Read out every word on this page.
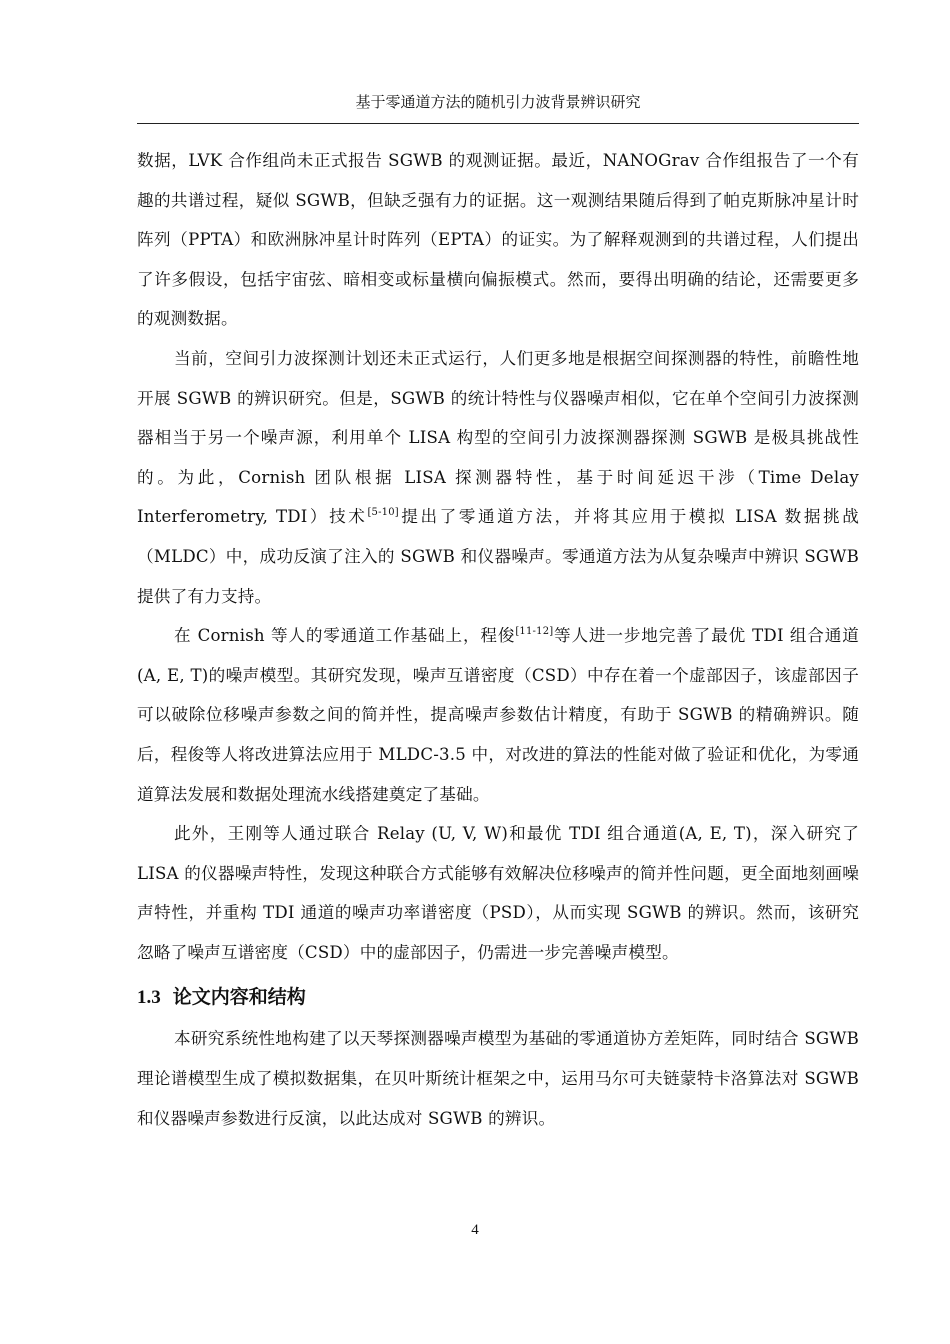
基于零通道方法的随机引力波背景辨识研究

数据，LVK 合作组尚未正式报告 SGWB 的观测证据。最近，NANOGrav 合作组报告了一个有趣的共谱过程，疑似 SGWB，但缺乏强有力的证据。这一观测结果随后得到了帕克斯脉冲星计时阵列（PPTA）和欧洲脉冲星计时阵列（EPTA）的证实。为了解释观测到的共谱过程，人们提出了许多假设，包括宇宙弦、暗相变或标量横向偏振模式。然而，要得出明确的结论，还需要更多的观测数据。

当前，空间引力波探测计划还未正式运行，人们更多地是根据空间探测器的特性，前瞻性地开展 SGWB 的辨识研究。但是，SGWB 的统计特性与仪器噪声相似，它在单个空间引力波探测器相当于另一个噪声源，利用单个 LISA 构型的空间引力波探测器探测 SGWB 是极具挑战性的。为此，Cornish 团队根据 LISA 探测器特性，基于时间延迟干涉（Time Delay Interferometry, TDI）技术[5-10]提出了零通道方法，并将其应用于模拟 LISA 数据挑战（MLDC）中，成功反演了注入的 SGWB 和仪器噪声。零通道方法为从复杂噪声中辨识 SGWB 提供了有力支持。

在 Cornish 等人的零通道工作基础上，程俊[11-12]等人进一步地完善了最优 TDI 组合通道(A, E, T)的噪声模型。其研究发现，噪声互谱密度（CSD）中存在着一个虚部因子，该虚部因子可以破除位移噪声参数之间的简并性，提高噪声参数估计精度，有助于 SGWB 的精确辨识。随后，程俊等人将改进算法应用于 MLDC-3.5 中，对改进的算法的性能对做了验证和优化，为零通道算法发展和数据处理流水线搭建奠定了基础。

此外，王刚等人通过联合 Relay (U, V, W)和最优 TDI 组合通道(A, E, T)，深入研究了 LISA 的仪器噪声特性，发现这种联合方式能够有效解决位移噪声的简并性问题，更全面地刻画噪声特性，并重构 TDI 通道的噪声功率谱密度（PSD），从而实现 SGWB 的辨识。然而，该研究忽略了噪声互谱密度（CSD）中的虚部因子，仍需进一步完善噪声模型。

1.3 论文内容和结构

本研究系统性地构建了以天琴探测器噪声模型为基础的零通道协方差矩阵，同时结合 SGWB 理论谱模型生成了模拟数据集，在贝叶斯统计框架之中，运用马尔可夫链蒙特卡洛算法对 SGWB 和仪器噪声参数进行反演，以此达成对 SGWB 的辨识。

4
